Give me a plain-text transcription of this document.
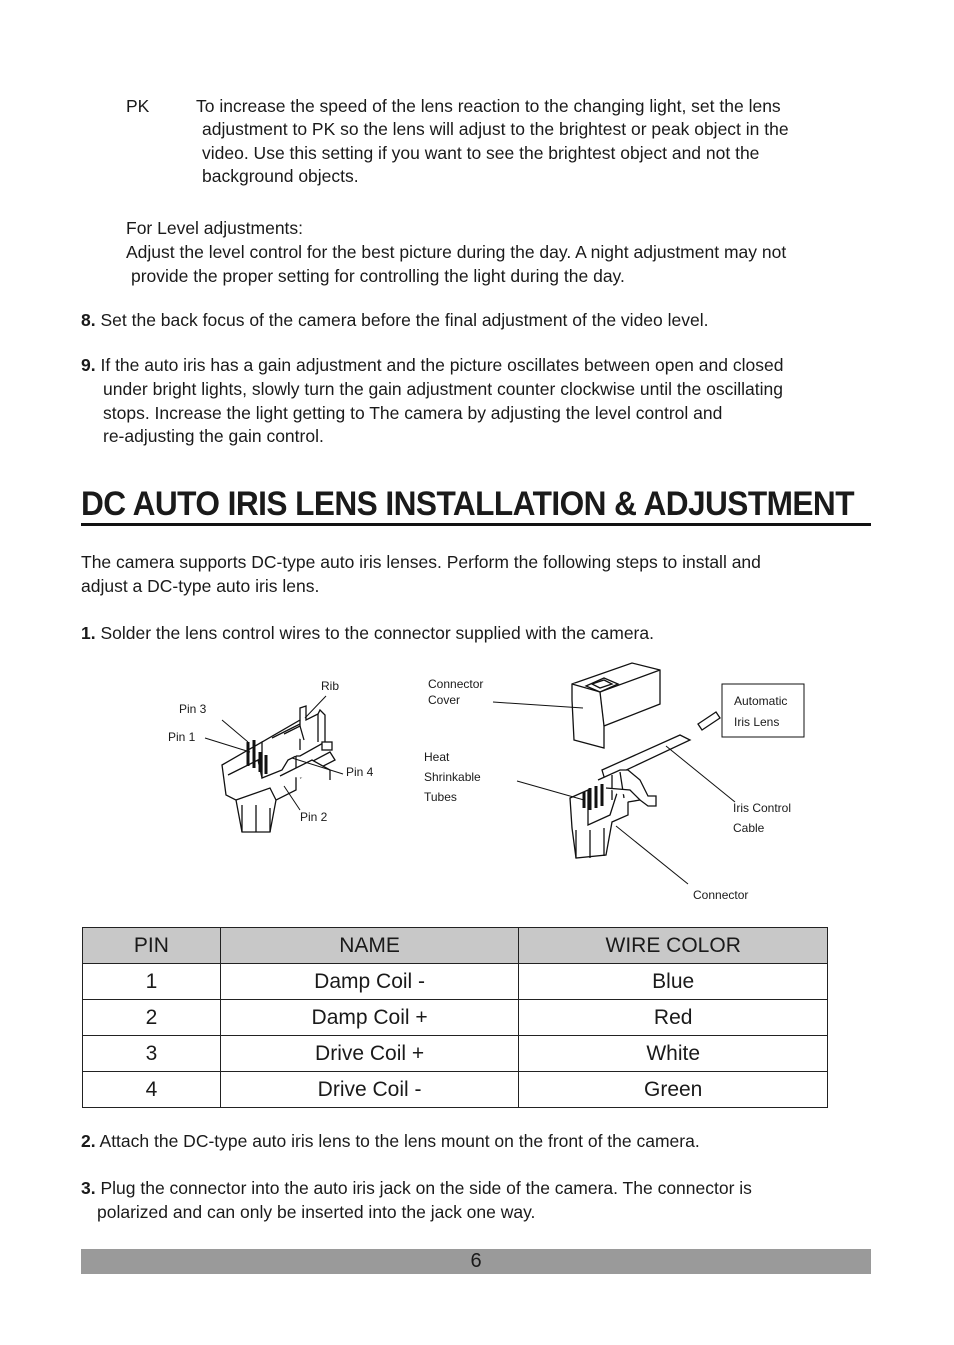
PK	To increase the speed of the lens reaction to the changing light, set the lens
adjustment to PK so the lens will adjust to the brightest or peak object in the
video. Use this setting if you want to see the brightest object and not the
background objects.
For Level adjustments:
Adjust the level control for the best picture during the day. A night adjustment may not
provide the proper setting for controlling the light during the day.
8. Set the back focus of the camera before the final adjustment of the video level.
9. If the auto iris has a gain adjustment and the picture oscillates between open and closed
under bright lights, slowly turn the gain adjustment counter clockwise until the oscillating
stops. Increase the light getting to The camera by adjusting the level control and
re-adjusting the gain control.
DC AUTO IRIS LENS INSTALLATION & ADJUSTMENT
The camera supports DC-type auto iris lenses. Perform the following steps to install and
adjust a DC-type auto iris lens.
1. Solder the lens control wires to the connector supplied with the camera.
Rib
Pin 3
Pin 1
Pin 4
Pin 2
Connector
Cover
Heat
Shrinkable
Tubes
Automatic
Iris Lens
Iris Control
Cable
Connector
PIN	NAME	WIRE COLOR
1	Damp Coil -	Blue
2	Damp Coil +	Red
3	Drive Coil +	White
4	Drive Coil -	Green
2. Attach the DC-type auto iris lens to the lens mount on the front of the camera.
3. Plug the connector into the auto iris jack on the side of the camera. The connector is
polarized and can only be inserted into the jack one way.
6
